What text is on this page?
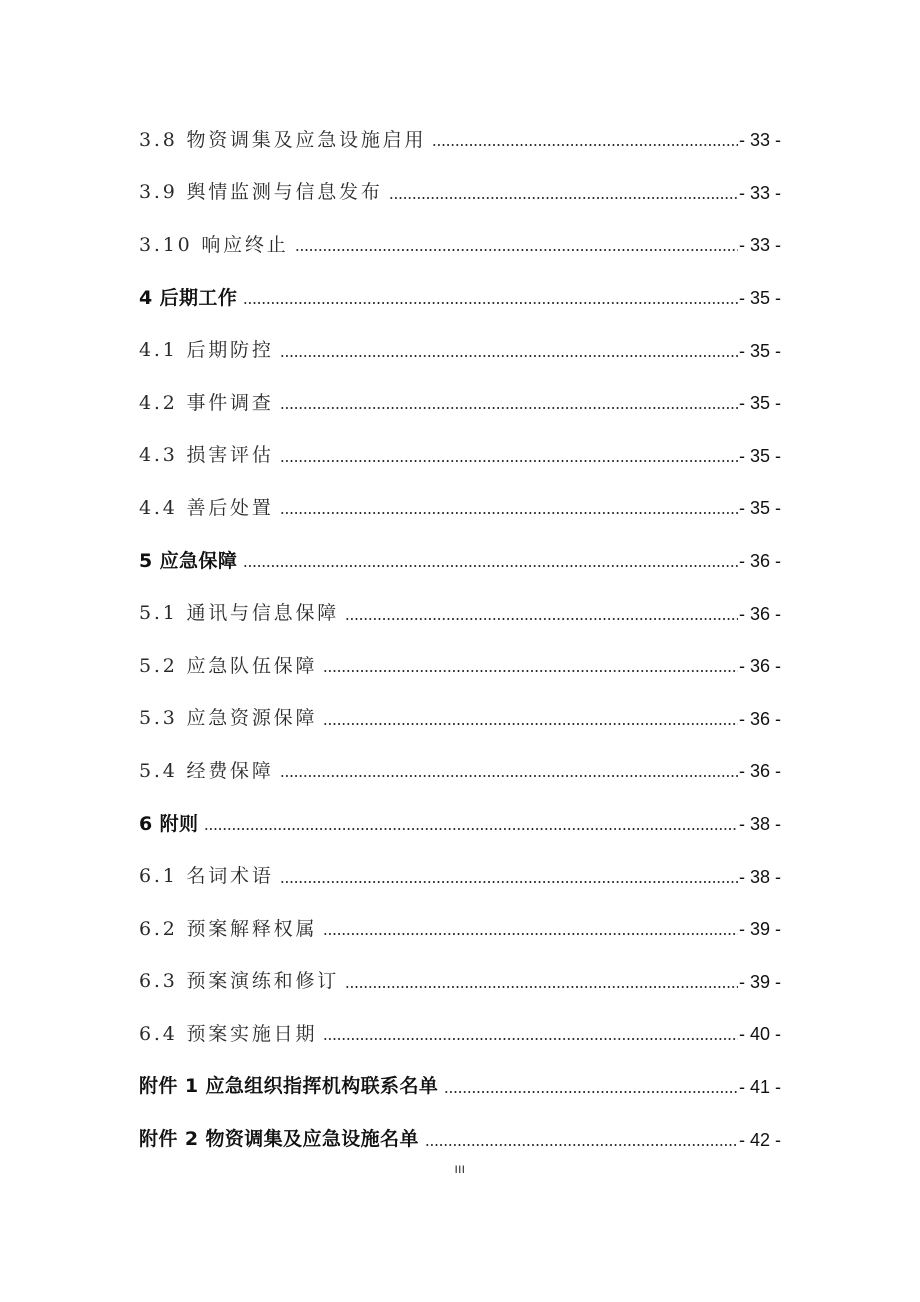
3.8 物资调集及应急设施启用	- 33 -
3.9 舆情监测与信息发布	- 33 -
3.10 响应终止	- 33 -
4 后期工作	- 35 -
4.1 后期防控	- 35 -
4.2 事件调查	- 35 -
4.3 损害评估	- 35 -
4.4 善后处置	- 35 -
5 应急保障	- 36 -
5.1 通讯与信息保障	- 36 -
5.2 应急队伍保障	- 36 -
5.3 应急资源保障	- 36 -
5.4 经费保障	- 36 -
6 附则	- 38 -
6.1 名词术语	- 38 -
6.2 预案解释权属	- 39 -
6.3 预案演练和修订	- 39 -
6.4 预案实施日期	- 40 -
附件 1 应急组织指挥机构联系名单	- 41 -
附件 2 物资调集及应急设施名单	- 42 -
III
